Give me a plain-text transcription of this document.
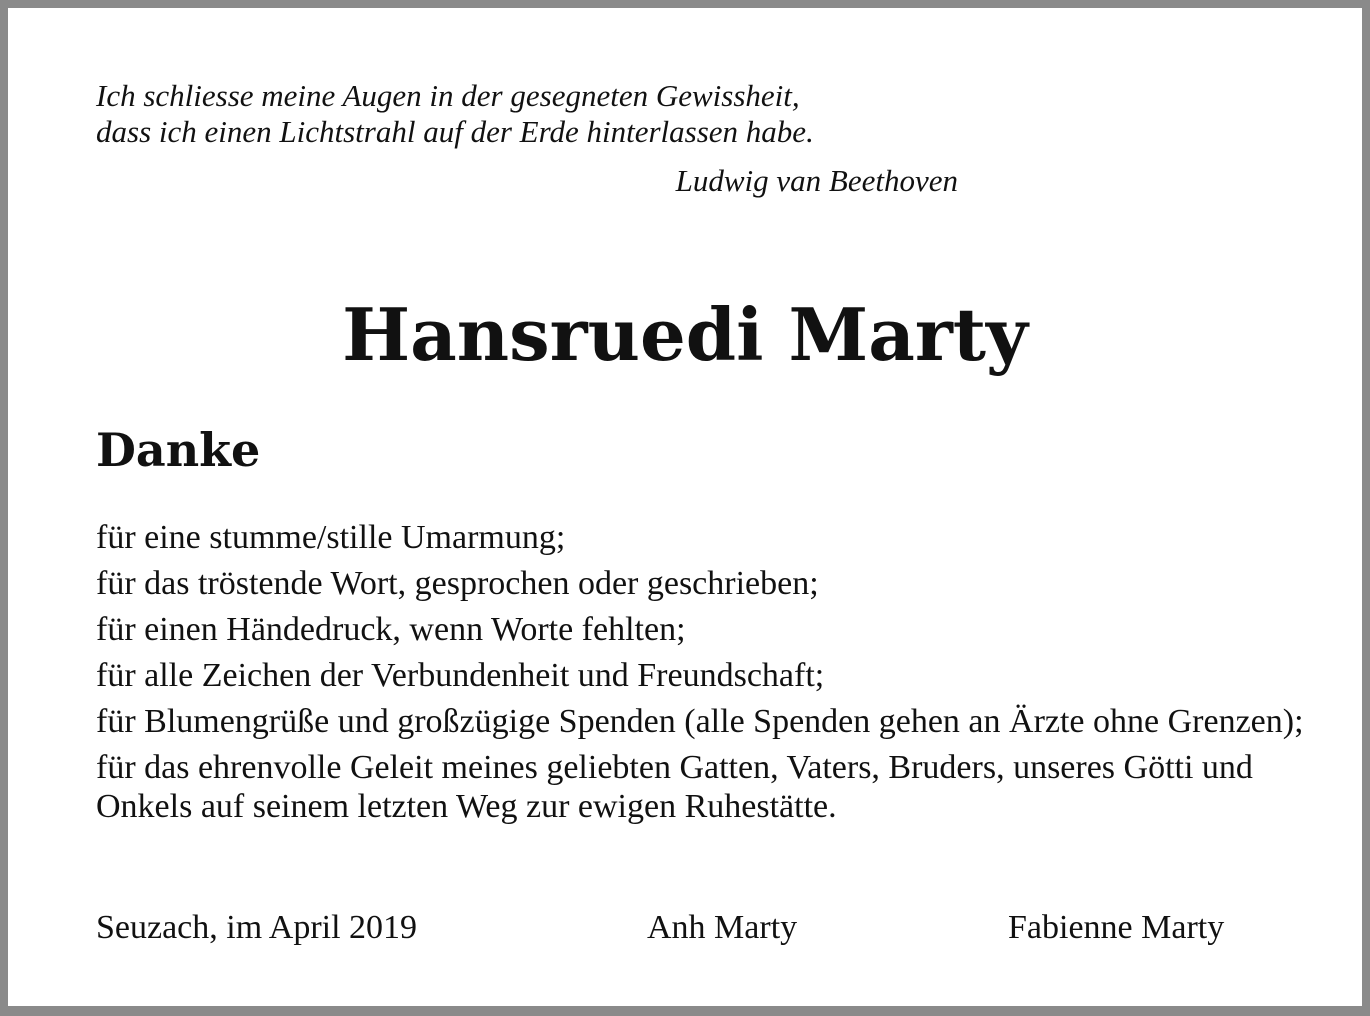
Ich schliesse meine Augen in der gesegneten Gewissheit,
dass ich einen Lichtstrahl auf der Erde hinterlassen habe.
Ludwig van Beethoven
Hansruedi Marty
Danke
für eine stumme/stille Umarmung;
für das tröstende Wort, gesprochen oder geschrieben;
für einen Händedruck, wenn Worte fehlten;
für alle Zeichen der Verbundenheit und Freundschaft;
für Blumengrüße und großzügige Spenden (alle Spenden gehen an Ärzte ohne Grenzen);
für das ehrenvolle Geleit meines geliebten Gatten, Vaters, Bruders, unseres Götti und Onkels auf seinem letzten Weg zur ewigen Ruhestätte.
Seuzach, im April 2019	Anh Marty	Fabienne Marty
